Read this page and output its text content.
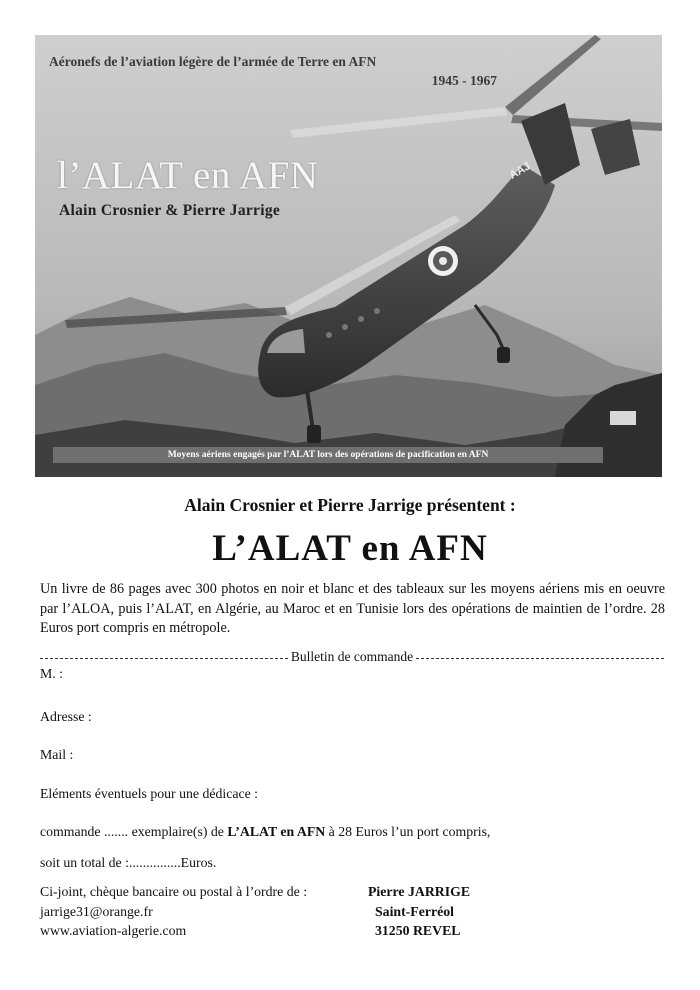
AAJ
Aéronefs de l’aviation légère de l’armée de Terre en AFN
1945 - 1967
l’ALAT en AFN
Alain Crosnier & Pierre Jarrige
Moyens aériens engagés par l’ALAT lors des opérations de pacification en AFN
Alain Crosnier et Pierre Jarrige présentent :
L’ALAT en AFN
Un livre de 86 pages avec 300 photos en noir et blanc et des tableaux sur les moyens aériens mis en oeuvre par l’ALOA, puis l’ALAT, en Algérie, au Maroc et en Tunisie lors des opérations de maintien de l’ordre. 28 Euros port compris en métropole.
Bulletin de commande
M. :
Adresse :
Mail :
Eléments éventuels pour une dédicace :
commande ....... exemplaire(s) de L’ALAT en AFN à 28 Euros l’un port compris,
soit un total de :...............Euros.
Ci-joint, chèque bancaire ou postal à l’ordre de :
jarrige31@orange.fr
www.aviation-algerie.com
Pierre JARRIGE
Saint-Ferréol
31250 REVEL
